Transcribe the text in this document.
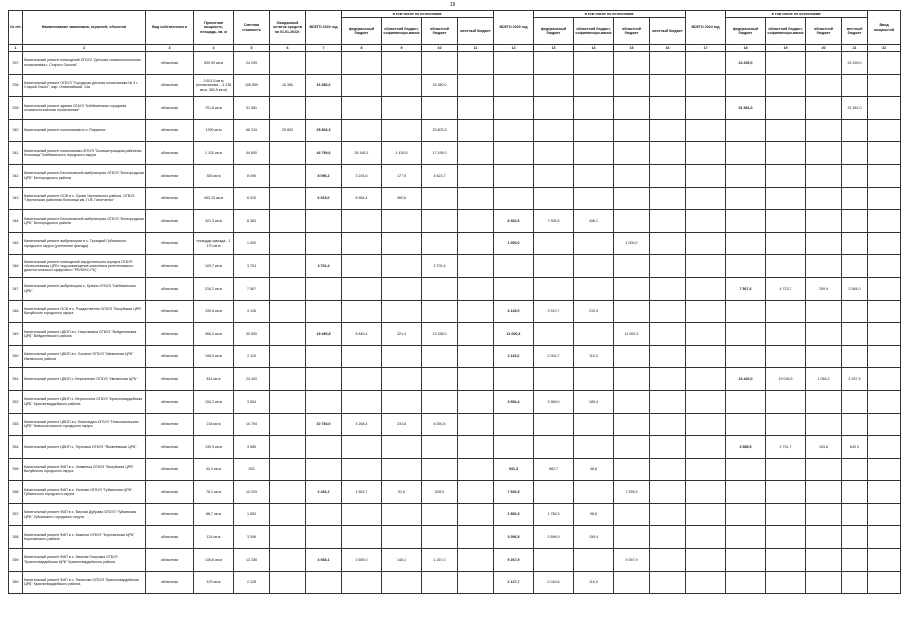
19
№ п/п	Наименование заказчиков, отраслей, объектов	Вид собственности	Проектная мощность, площадь, кв. м	Сметная стоимость	Ожидаемый остаток средств на 01.01.2022г.	ВСЕГО 2022 год	в том числе по источникам:				ВСЕГО 2023 год	в том числе по источникам:				ВСЕГО 2024 год	в том числе по источникам:				Ввод мощностей	
							федеральный бюджет	областной бюджет, софинансиро-вание	областной бюджет	местный бюджет		федеральный бюджет	областной бюджет, софинансиро-вание	областной бюджет	местный бюджет		федеральный бюджет	областной бюджет, софинансиро-вание	областной бюджет	местный бюджет		
1	2	3	4	5	6	7	8	9	10	11	12	13	14	15	16	17	18	19	20	21	22	
337	Капитальный ремонт помещений ОГБУЗ "Детская стоматологическая поликлиника г. Старого Оскола"	областная	539,09 кв.м	24 259													24 259,0			24 259,0		
338	Капитальный ремонт ОГБУЗ "Городская детская поликлиника № 3 г. Старый Оскол", мкр. Олимпийский, 13а	областная	3 621,5 кв.м (поликлиника – 3 238 кв.м, 383,5 кв.м)	106 859	16 380	16 380,0			16 380,0													
339	Капитальный ремонт здания ОГАУЗ "Шебекинская городская стоматологическая поликлиника"	областная	701,8 кв.м	31 581													31 581,0			31 581,0		
340	Капитальный ремонт поликлиники в п. Разумное	областная	1290 кв.м	66 315	25 803	25 803,3			25 803,3													
341	Капитальный ремонт поликлиники ОГБУЗ "Большетроицкая районная больница" Шебекинского городского округа	областная	1 120 кв.м	44 800		44 799,6	26 165,1	1 439,5	17 195,0													
342	Капитальный ремонт Бессоновской амбулатории ОГБУЗ "Белгородская ЦРБ" Белгородского района	областная	350 кв.м	8 096		8 096,2	3 234,6	177,9	4 623,7													
343	Капитальный ремонт ОСВ в с. Орлик Чернянского района, ОГБУЗ "Чернянская районная больница им. П.В. Гапотченко"	областная	453,15 кв.м	6 915		6 915,0	6 554,4	360,6														
344	Капитальный ремонт Бессоновской амбулатории ОГБУЗ "Белгородская ЦРБ" Белгородского района	областная	421,3 кв.м	8 363							8 362,6	7 926,5	436,1									
345	Капитальный ремонт амбулатории в с. Троицкий Губкинского городского округа (утепление фасада)	областная	площадь фасада - 1 170 кв.м	1 000							1 000,0			1 000,0								
346	Капитальный ремонт помещений хирургического корпуса ОГБУЗ «Алексеевская ЦРБ» под размещение комплекса рентгеновского диагностического цифрового "РЕНЕКС-РЦ"	областная	109,7 кв.м	3 703		3 702,4			3 702,4													
347	Капитальный ремонт амбулатории с. Купино ОГБУЗ "Шебекинская ЦРБ"	областная	216,2 кв.м	7 567													7 567,6	4 723,7	259,9	2 584,0		
348	Капитальный ремонт ОСВ в с. Рождественно ОГБУЗ "Валуйская ЦРБ" Валуйского городского округа	областная	199,8 кв.м	4 128							4 128,0	3 912,7	215,3									
349	Капитальный ремонт ЦВОП в с. Никольевка ОГБУЗ "Вейделевская ЦРБ" Вейделевского района	областная	366,0 кв.м	30 500		19 490,8	5 840,4	321,4	13 338,0		11 000,4			11 000,4								
350	Капитальный ремонт ЦВОП в с. Богатое ОГБУЗ "Ивнянская ЦРБ" Ивнянского района	областная	108,5 кв.м	2 115							2 115,0	2 004,7	110,3									
351	Капитальный ремонт ЦВОП с. Верхопенье ОГБУЗ "Ивнянская ЦРБ"	областная	814 кв.м	24 420													24 420,0	19 036,5	1 046,2	4 337,3		
352	Капитальный ремонт ЦВОП с. Верхососна ОГБУЗ "Красногвардейская ЦРБ" Красногвардейского района	областная	154,2 кв.м	3 554							3 554,4	3 369,0	185,4									
353	Капитальный ремонт ЦВОП в с. Васильдол ОГБУЗ "Новооскольская ЦРБ" Новооскольского городского округа	областная	218 кв.м	10 754		10 754,0	4 268,4	234,8	6 250,8													
354	Капитальный ремонт ЦВОП с. Терновка ОГБУЗ "Яковлевская ЦРБ"	областная	139,9 кв.м	3 585													3 585,5	2 791,7	153,6	640,0		
355	Капитальный ремонт ФАП в с. Знаменка ОГБУЗ "Валуйская ЦРБ" Валуйского городского округа	областная	40,4 кв.м	932							931,3	882,7	48,6									
356	Капитальный ремонт ФАП в с. Ухолово ОГБУЗ "Губкинская ЦРБ" Губкинского городского округа	областная	76,1 кв.м	10 209		2 282,2	1 662,7	91,5	528,0		7 926,5			7 926,5								
357	Капитальный ремонт ФАП в с. Вислая Дубрава ОГБУЗ "Губкинская ЦРБ" Губкинского городского округа	областная	88,7 кв.м	1 853							1 852,9	1 756,3	96,6									
358	Капитальный ремонт ФАП в с. Казинка ОГБУЗ "Корочанская ЦРБ" Корочанского района	областная	124 кв.м	3 056							3 056,5	2 896,9	159,4									
359	Капитальный ремонт ФАП в с. Нижняя Покровка ОГБУЗ "Красногвардейская ЦРБ" Красногвардейского района	областная	135,6 кв.м	13 336		4 068,1	2 655,0	146,1	1 267,0		9 267,9			9 267,9								
360	Капитальный ремонт ФАП в с. Палатово ОГБУЗ "Красногвардейская ЦРБ" Красногвардейского района	областная	103 кв.м	2 128							2 127,7	2 016,8	110,9									
